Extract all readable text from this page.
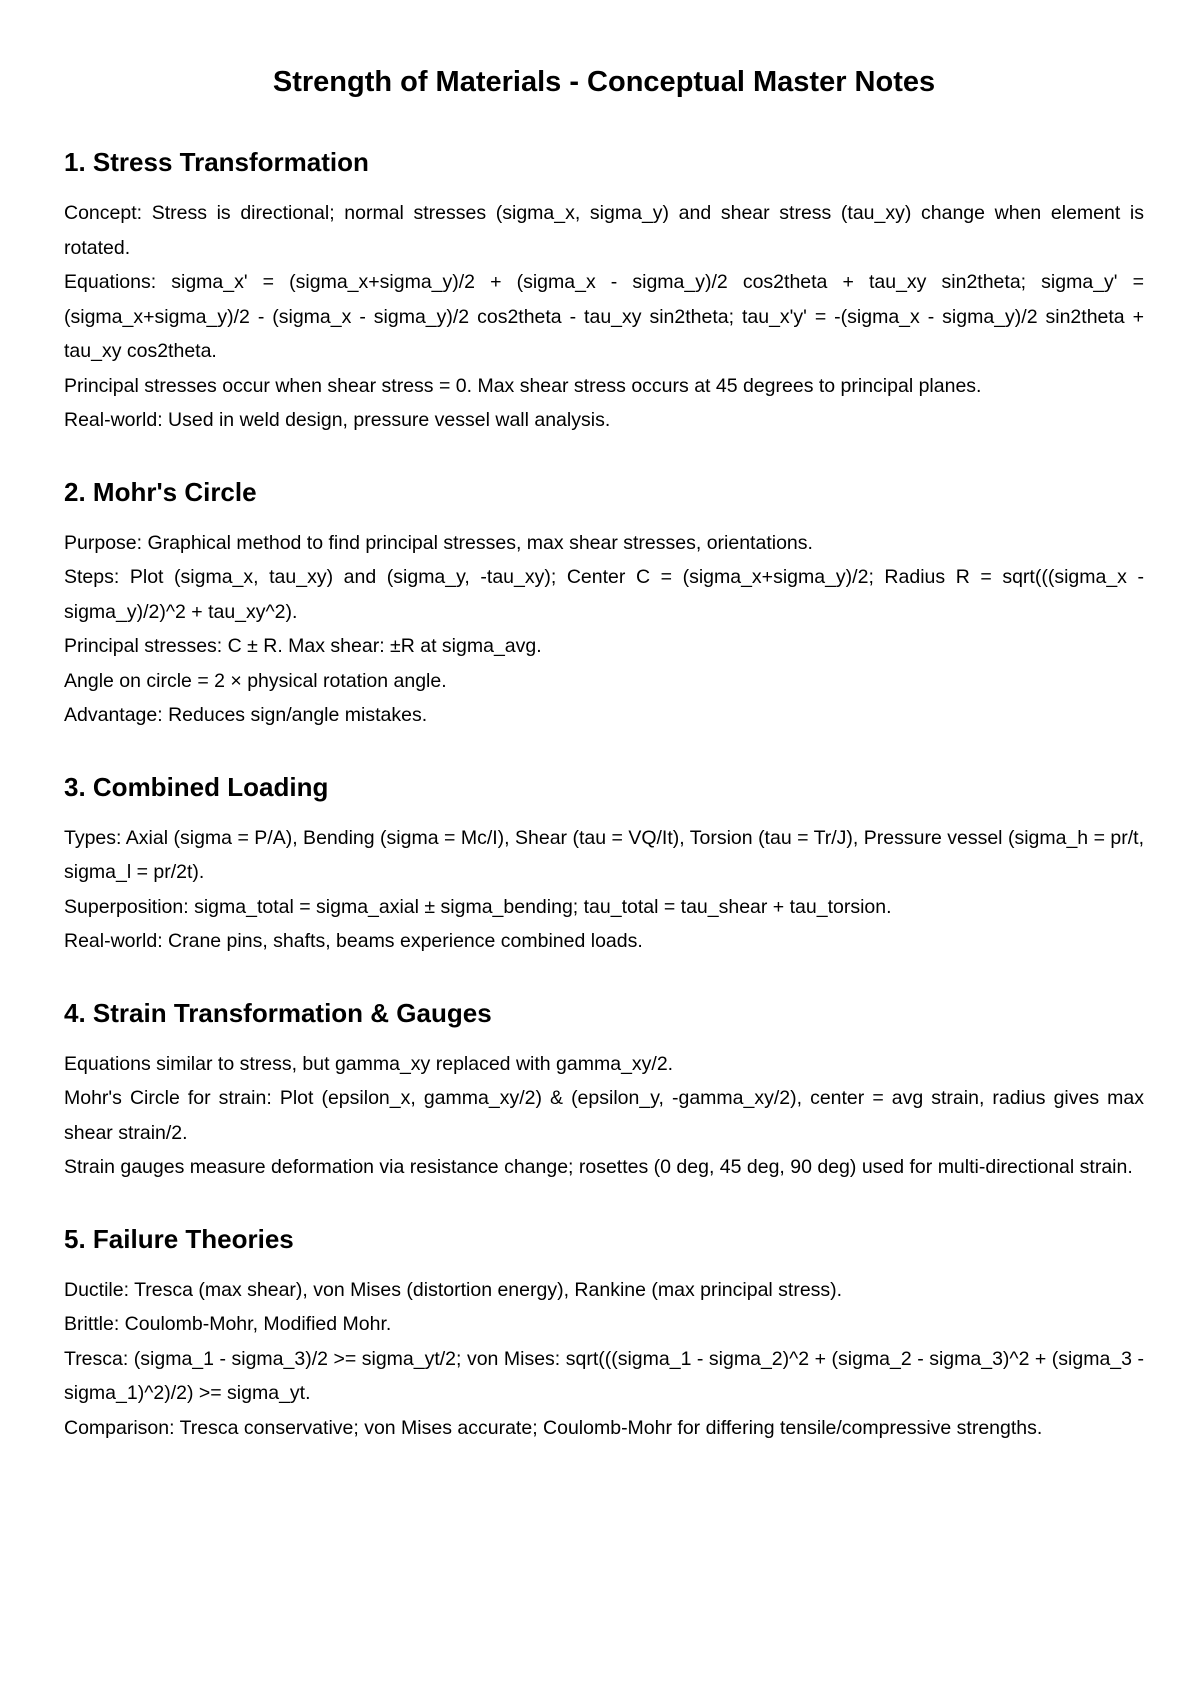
Strength of Materials - Conceptual Master Notes
1. Stress Transformation

Concept: Stress is directional; normal stresses (sigma_x, sigma_y) and shear stress (tau_xy) change when element is rotated.

Equations: sigma_x' = (sigma_x+sigma_y)/2 + (sigma_x - sigma_y)/2 cos2theta + tau_xy sin2theta; sigma_y' = (sigma_x+sigma_y)/2 - (sigma_x - sigma_y)/2 cos2theta - tau_xy sin2theta; tau_x'y' = -(sigma_x - sigma_y)/2 sin2theta + tau_xy cos2theta.

Principal stresses occur when shear stress = 0. Max shear stress occurs at 45 degrees to principal planes.

Real-world: Used in weld design, pressure vessel wall analysis.

2. Mohr's Circle

Purpose: Graphical method to find principal stresses, max shear stresses, orientations.

Steps: Plot (sigma_x, tau_xy) and (sigma_y, -tau_xy); Center C = (sigma_x+sigma_y)/2; Radius R = sqrt(((sigma_x - sigma_y)/2)^2 + tau_xy^2).

Principal stresses: C ± R. Max shear: ±R at sigma_avg.

Angle on circle = 2 × physical rotation angle.

Advantage: Reduces sign/angle mistakes.

3. Combined Loading

Types: Axial (sigma = P/A), Bending (sigma = Mc/I), Shear (tau = VQ/It), Torsion (tau = Tr/J), Pressure vessel (sigma_h = pr/t, sigma_l = pr/2t).

Superposition: sigma_total = sigma_axial ± sigma_bending; tau_total = tau_shear + tau_torsion.

Real-world: Crane pins, shafts, beams experience combined loads.

4. Strain Transformation & Gauges

Equations similar to stress, but gamma_xy replaced with gamma_xy/2.

Mohr's Circle for strain: Plot (epsilon_x, gamma_xy/2) & (epsilon_y, -gamma_xy/2), center = avg strain, radius gives max shear strain/2.

Strain gauges measure deformation via resistance change; rosettes (0 deg, 45 deg, 90 deg) used for multi-directional strain.

5. Failure Theories

Ductile: Tresca (max shear), von Mises (distortion energy), Rankine (max principal stress).

Brittle: Coulomb-Mohr, Modified Mohr.

Tresca: (sigma_1 - sigma_3)/2 >= sigma_yt/2; von Mises: sqrt(((sigma_1 - sigma_2)^2 + (sigma_2 - sigma_3)^2 + (sigma_3 - sigma_1)^2)/2) >= sigma_yt.

Comparison: Tresca conservative; von Mises accurate; Coulomb-Mohr for differing tensile/compressive strengths.
